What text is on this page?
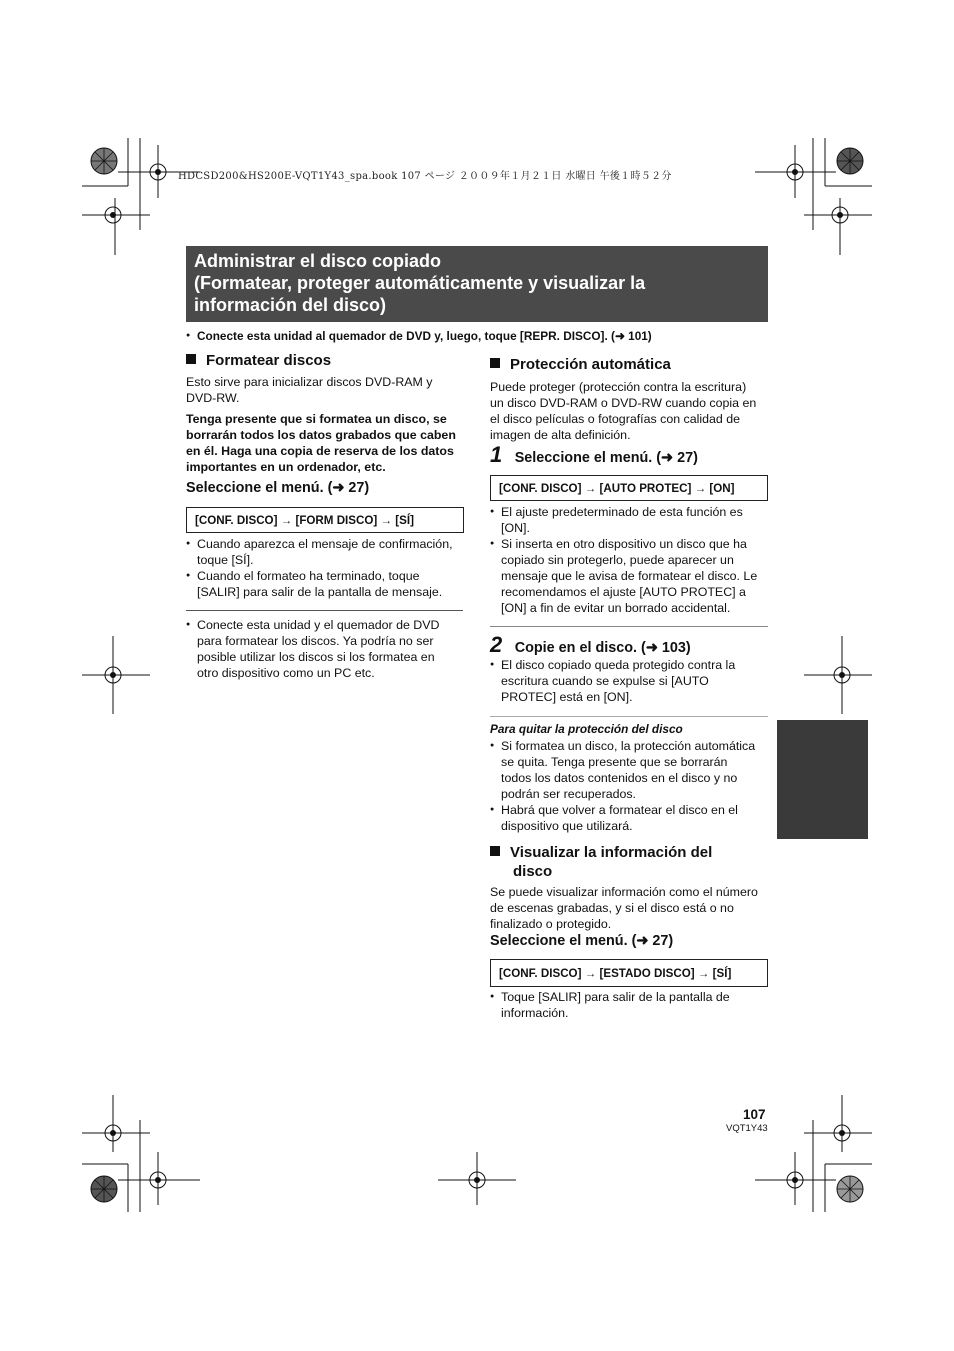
HDCSD200&HS200E-VQT1Y43_spa.book 107 ページ ２００９年１月２１日 水曜日 午後１時５２分
Administrar el disco copiado
(Formatear, proteger automáticamente y visualizar la
información del disco)
● Conecte esta unidad al quemador de DVD y, luego, toque [REPR. DISCO]. (➜ 101)
Formatear discos
Esto sirve para inicializar discos DVD-RAM y
DVD-RW.
Tenga presente que si formatea un disco, se
borrarán todos los datos grabados que caben
en él. Haga una copia de reserva de los datos
importantes en un ordenador, etc.
Seleccione el menú. (➜ 27)
[CONF. DISCO] → [FORM DISCO] → [SÍ]
● Cuando aparezca el mensaje de confirmación,
toque [SÍ].
● Cuando el formateo ha terminado, toque
[SALIR] para salir de la pantalla de mensaje.
● Conecte esta unidad y el quemador de DVD
para formatear los discos. Ya podría no ser
posible utilizar los discos si los formatea en
otro dispositivo como un PC etc.
Protección automática
Puede proteger (protección contra la escritura)
un disco DVD-RAM o DVD-RW cuando copia en
el disco películas o fotografías con calidad de
imagen de alta definición.
1 Seleccione el menú. (➜ 27)
[CONF. DISCO] → [AUTO PROTEC] → [ON]
● El ajuste predeterminado de esta función es
[ON].
● Si inserta en otro dispositivo un disco que ha
copiado sin protegerlo, puede aparecer un
mensaje que le avisa de formatear el disco. Le
recomendamos el ajuste [AUTO PROTEC] a
[ON] a fin de evitar un borrado accidental.
2 Copie en el disco. (➜ 103)
● El disco copiado queda protegido contra la
escritura cuando se expulse si [AUTO
PROTEC] está en [ON].
Para quitar la protección del disco
● Si formatea un disco, la protección automática
se quita. Tenga presente que se borrarán
todos los datos contenidos en el disco y no
podrán ser recuperados.
● Habrá que volver a formatear el disco en el
dispositivo que utilizará.
Visualizar la información del
disco
Se puede visualizar información como el número
de escenas grabadas, y si el disco está o no
finalizado o protegido.
Seleccione el menú. (➜ 27)
[CONF. DISCO] → [ESTADO DISCO] → [SÍ]
● Toque [SALIR] para salir de la pantalla de
información.
107
VQT1Y43
